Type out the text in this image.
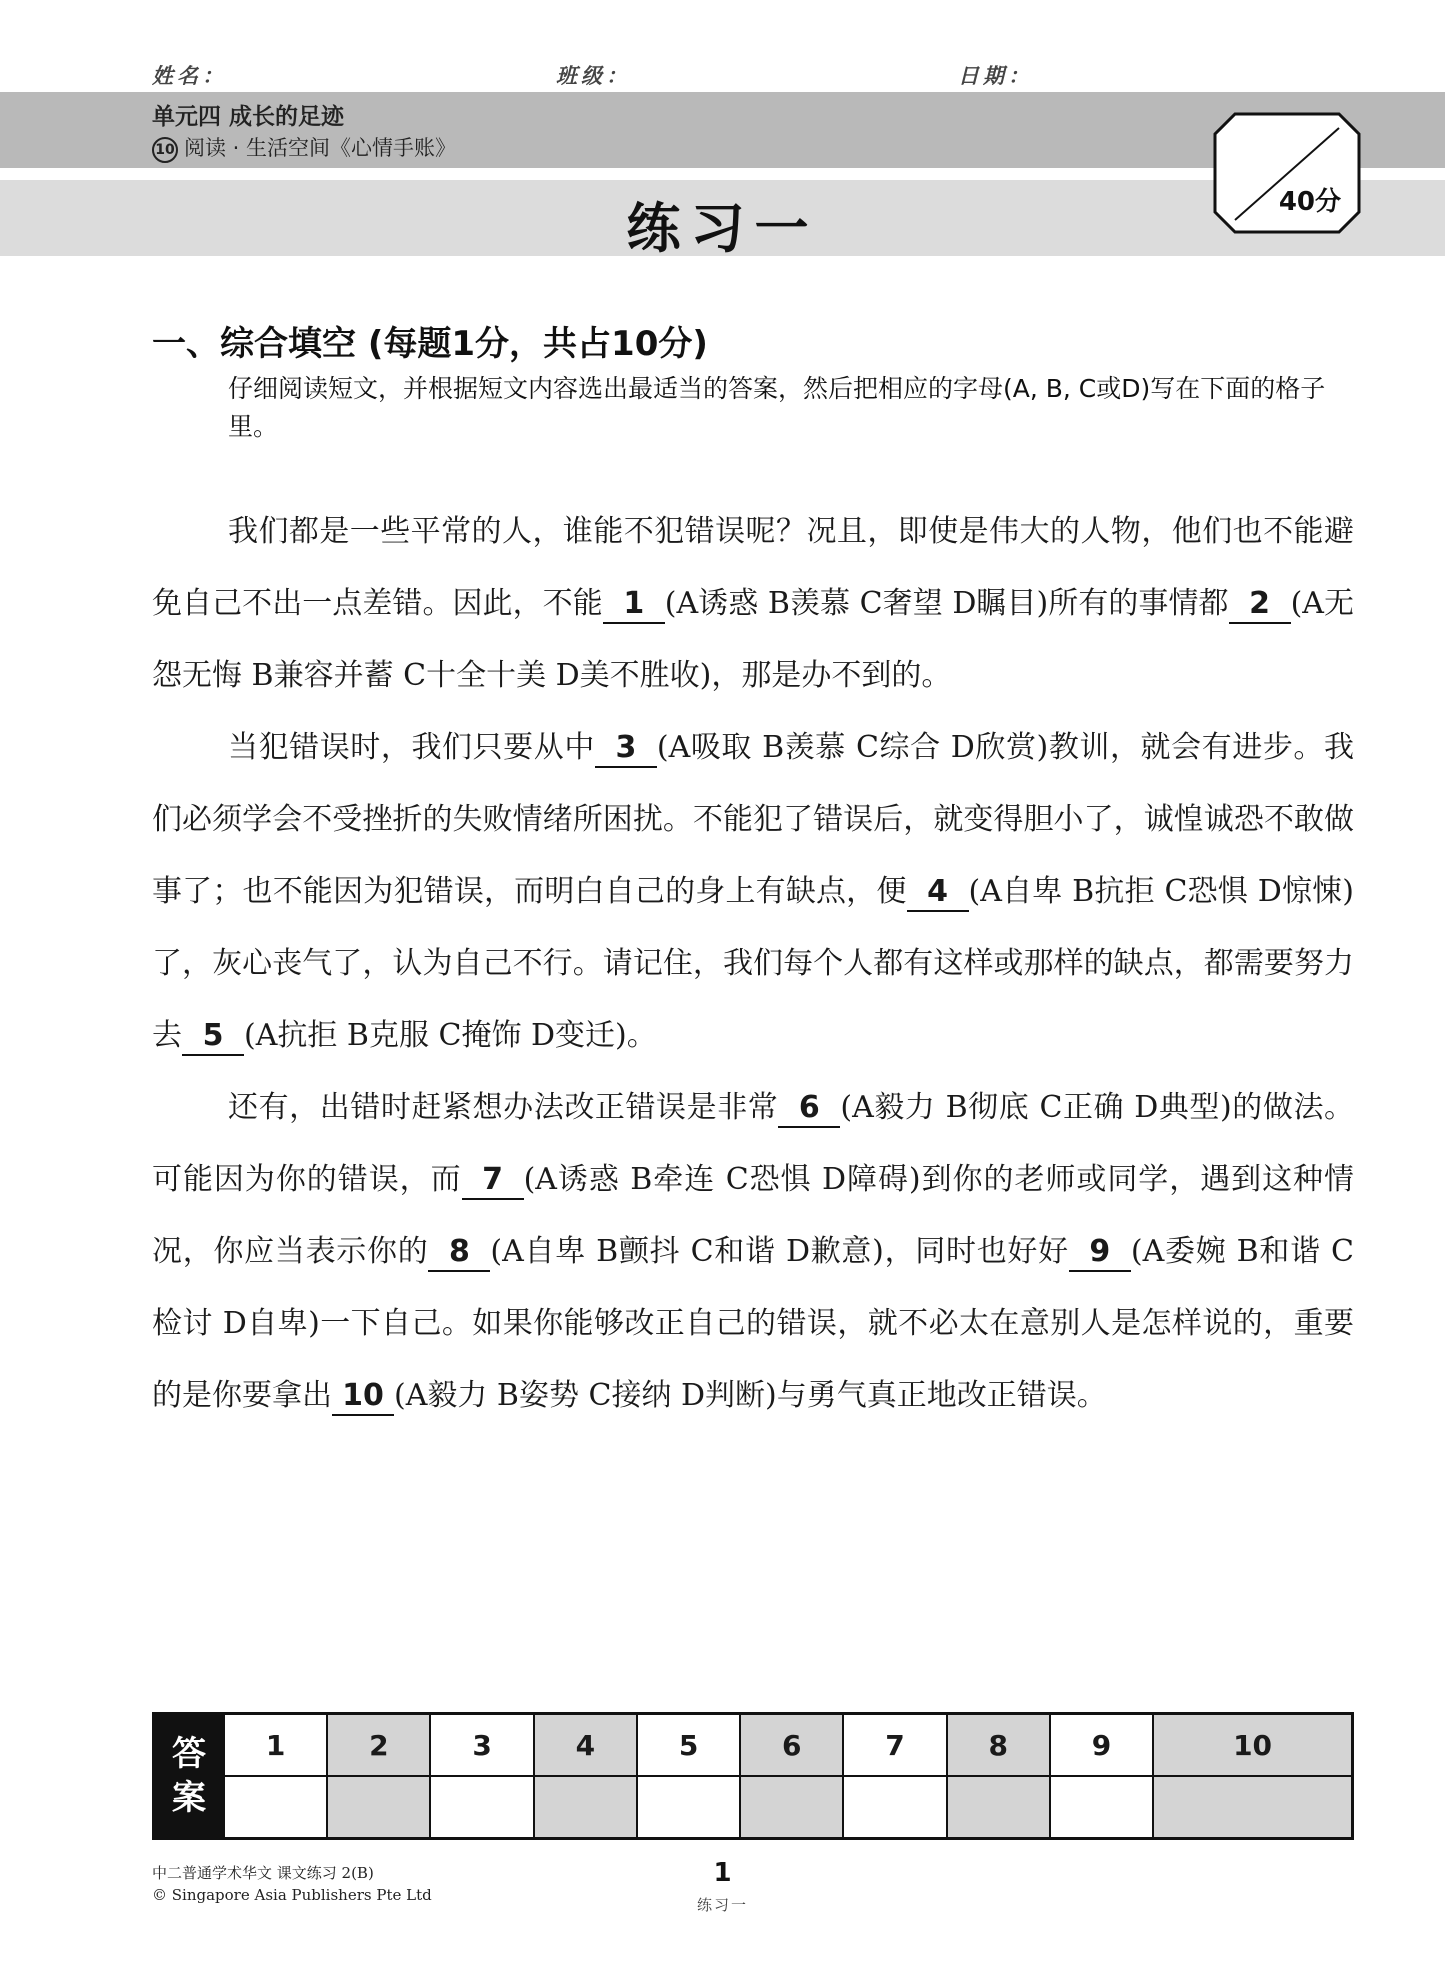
姓名：	班级：	日期：
单元四 成长的足迹
10 阅读 · 生活空间《心情手账》
练习一	40分
一、综合填空 (每题1分，共占10分)
仔细阅读短文，并根据短文内容选出最适当的答案，然后把相应的字母(A, B, C或D)写在下面的格子里。

我们都是一些平常的人，谁能不犯错误呢？况且，即使是伟大的人物，他们也不能避免自己不出一点差错。因此，不能 1 (A诱惑 B羡慕 C奢望 D瞩目)所有的事情都 2 (A无怨无悔 B兼容并蓄 C十全十美 D美不胜收)，那是办不到的。

当犯错误时，我们只要从中 3 (A吸取 B羡慕 C综合 D欣赏)教训，就会有进步。我们必须学会不受挫折的失败情绪所困扰。不能犯了错误后，就变得胆小了，诚惶诚恐不敢做事了；也不能因为犯错误，而明白自己的身上有缺点，便 4 (A自卑 B抗拒 C恐惧 D惊悚)了，灰心丧气了，认为自己不行。请记住，我们每个人都有这样或那样的缺点，都需要努力去 5 (A抗拒 B克服 C掩饰 D变迁)。

还有，出错时赶紧想办法改正错误是非常 6 (A毅力 B彻底 C正确 D典型)的做法。可能因为你的错误，而 7 (A诱惑 B牵连 C恐惧 D障碍)到你的老师或同学，遇到这种情况，你应当表示你的 8 (A自卑 B颤抖 C和谐 D歉意)，同时也好好 9 (A委婉 B和谐 C检讨 D自卑)一下自己。如果你能够改正自己的错误，就不必太在意别人是怎样说的，重要的是你要拿出 10 (A毅力 B姿势 C接纳 D判断)与勇气真正地改正错误。

答
案	1	2	3	4	5	6	7	8	9	10

中二普通学术华文 课文练习 2(B)
© Singapore Asia Publishers Pte Ltd
1
练习一
